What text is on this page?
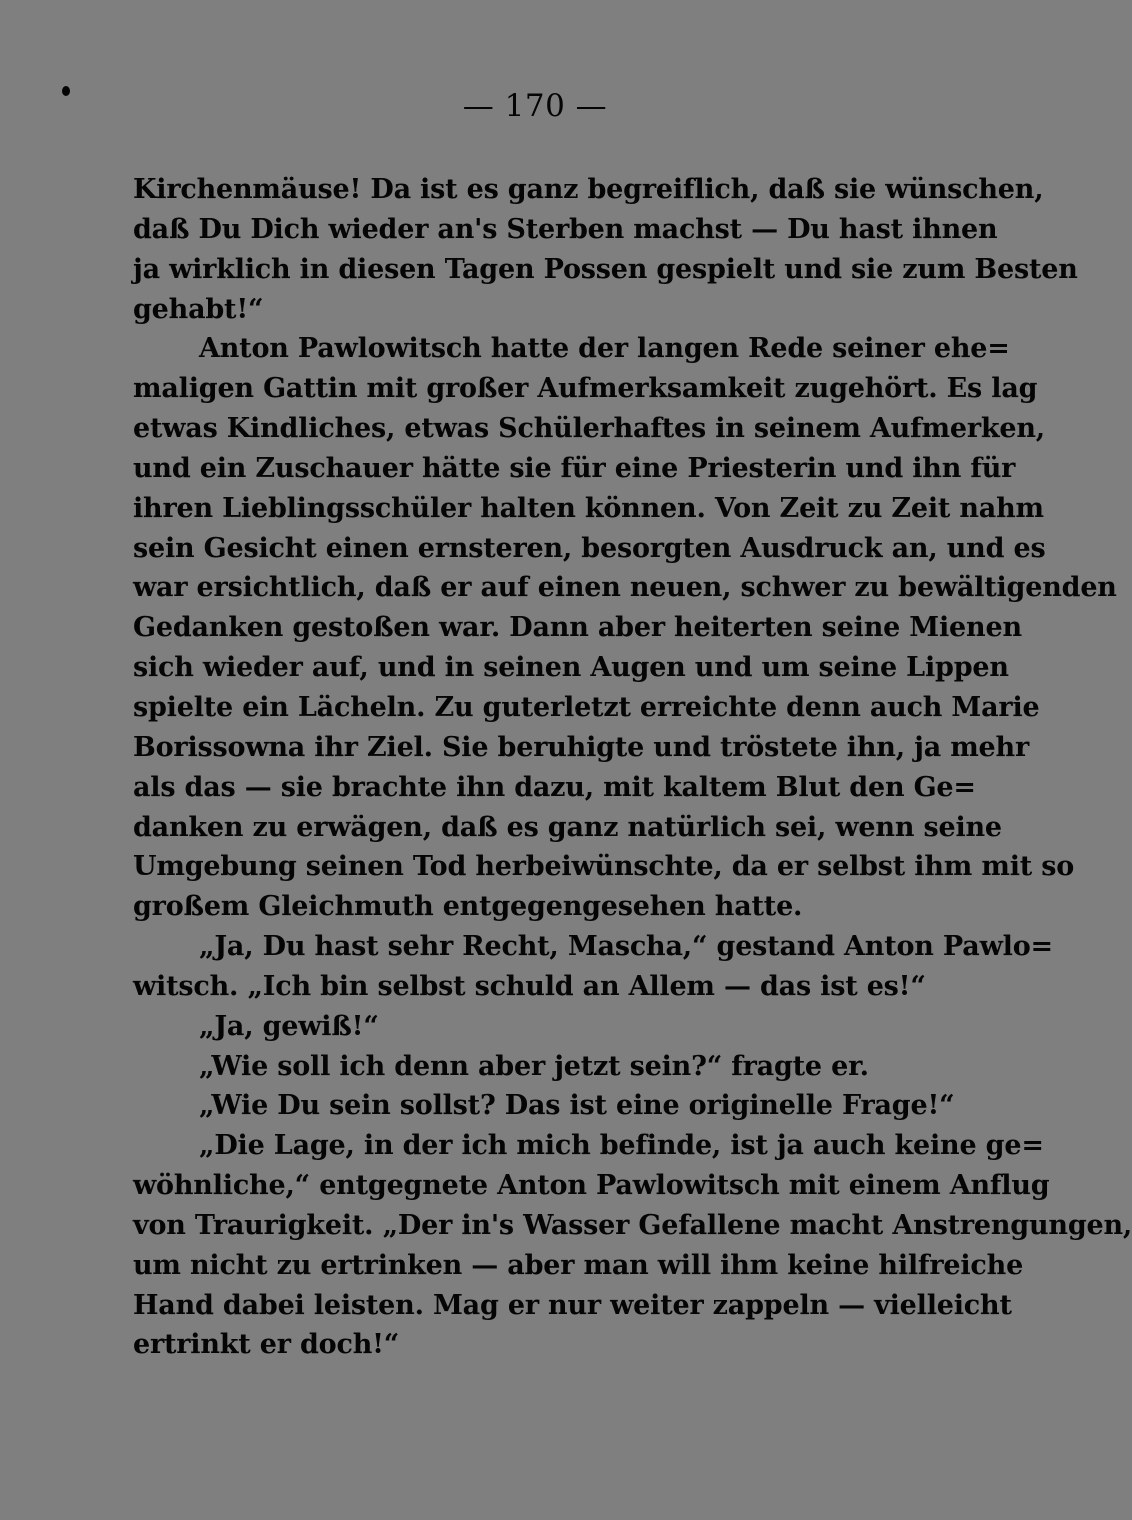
— 170 —
Kirchenmäuse! Da ist es ganz begreiflich, daß sie wünschen,
daß Du Dich wieder an's Sterben machst — Du hast ihnen
ja wirklich in diesen Tagen Possen gespielt und sie zum Besten
gehabt!“
Anton Pawlowitsch hatte der langen Rede seiner ehe=
maligen Gattin mit großer Aufmerksamkeit zugehört. Es lag
etwas Kindliches, etwas Schülerhaftes in seinem Aufmerken,
und ein Zuschauer hätte sie für eine Priesterin und ihn für
ihren Lieblingsschüler halten können. Von Zeit zu Zeit nahm
sein Gesicht einen ernsteren, besorgten Ausdruck an, und es
war ersichtlich, daß er auf einen neuen, schwer zu bewältigenden
Gedanken gestoßen war. Dann aber heiterten seine Mienen
sich wieder auf, und in seinen Augen und um seine Lippen
spielte ein Lächeln. Zu guterletzt erreichte denn auch Marie
Borissowna ihr Ziel. Sie beruhigte und tröstete ihn, ja mehr
als das — sie brachte ihn dazu, mit kaltem Blut den Ge=
danken zu erwägen, daß es ganz natürlich sei, wenn seine
Umgebung seinen Tod herbeiwünschte, da er selbst ihm mit so
großem Gleichmuth entgegengesehen hatte.
„Ja, Du hast sehr Recht, Mascha,“ gestand Anton Pawlo=
witsch. „Ich bin selbst schuld an Allem — das ist es!“
„Ja, gewiß!“
„Wie soll ich denn aber jetzt sein?“ fragte er.
„Wie Du sein sollst? Das ist eine originelle Frage!“
„Die Lage, in der ich mich befinde, ist ja auch keine ge=
wöhnliche,“ entgegnete Anton Pawlowitsch mit einem Anflug
von Traurigkeit. „Der in's Wasser Gefallene macht Anstrengungen,
um nicht zu ertrinken — aber man will ihm keine hilfreiche
Hand dabei leisten. Mag er nur weiter zappeln — vielleicht
ertrinkt er doch!“
